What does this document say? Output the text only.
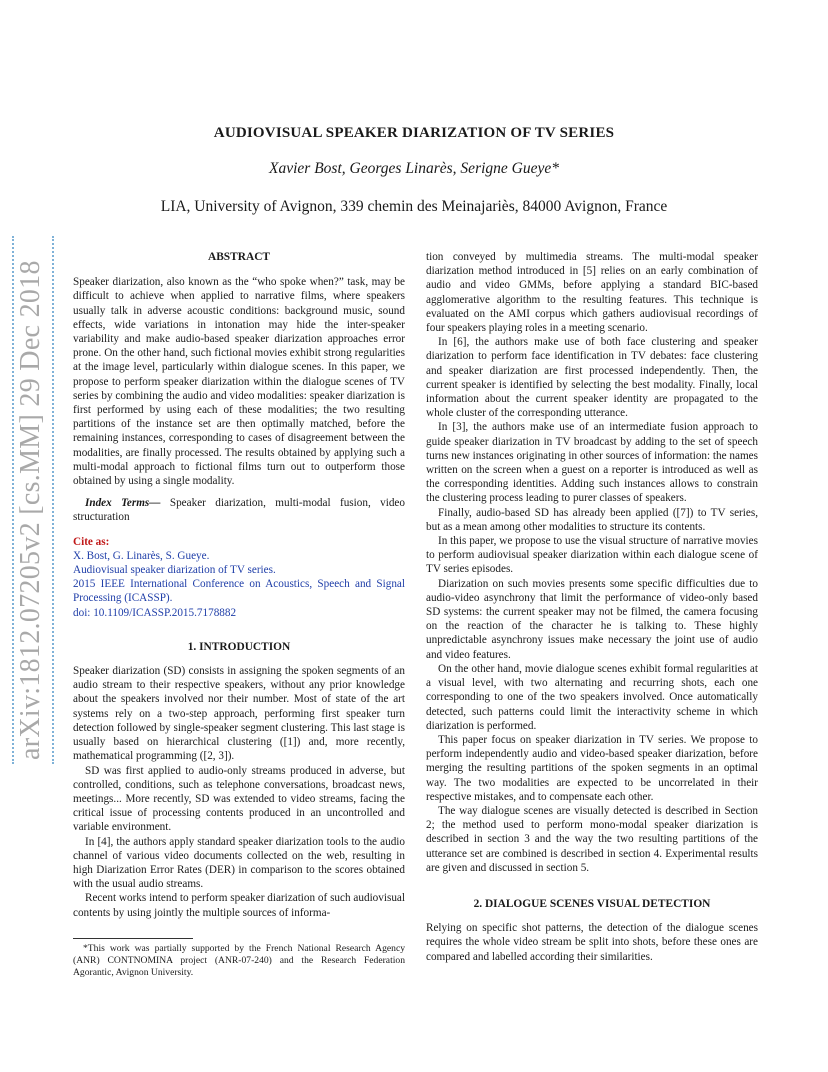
arXiv:1812.07205v2 [cs.MM] 29 Dec 2018
AUDIOVISUAL SPEAKER DIARIZATION OF TV SERIES
Xavier Bost, Georges Linarès, Serigne Gueye*
LIA, University of Avignon, 339 chemin des Meinajariès, 84000 Avignon, France
ABSTRACT

Speaker diarization, also known as the “who spoke when?” task, may be difficult to achieve when applied to narrative films, where speakers usually talk in adverse acoustic conditions: background music, sound effects, wide variations in intonation may hide the inter-speaker variability and make audio-based speaker diarization approaches error prone. On the other hand, such fictional movies exhibit strong regularities at the image level, particularly within dialogue scenes. In this paper, we propose to perform speaker diarization within the dialogue scenes of TV series by combining the audio and video modalities: speaker diarization is first performed by using each of these modalities; the two resulting partitions of the instance set are then optimally matched, before the remaining instances, corresponding to cases of disagreement between the modalities, are finally processed. The results obtained by applying such a multi-modal approach to fictional films turn out to outperform those obtained by using a single modality.

Index Terms— Speaker diarization, multi-modal fusion, video structuration

Cite as:
X. Bost, G. Linarès, S. Gueye.
Audiovisual speaker diarization of TV series.
2015 IEEE International Conference on Acoustics, Speech and Signal Processing (ICASSP).
doi: 10.1109/ICASSP.2015.7178882
1. INTRODUCTION

Speaker diarization (SD) consists in assigning the spoken segments of an audio stream to their respective speakers, without any prior knowledge about the speakers involved nor their number. Most of state of the art systems rely on a two-step approach, performing first speaker turn detection followed by single-speaker segment clustering. This last stage is usually based on hierarchical clustering ([1]) and, more recently, mathematical programming ([2, 3]).

SD was first applied to audio-only streams produced in adverse, but controlled, conditions, such as telephone conversations, broadcast news, meetings... More recently, SD was extended to video streams, facing the critical issue of processing contents produced in an uncontrolled and variable environment.

In [4], the authors apply standard speaker diarization tools to the audio channel of various video documents collected on the web, resulting in high Diarization Error Rates (DER) in comparison to the scores obtained with the usual audio streams.

Recent works intend to perform speaker diarization of such audiovisual contents by using jointly the multiple sources of informa-

*This work was partially supported by the French National Research Agency (ANR) CONTNOMINA project (ANR-07-240) and the Research Federation Agorantic, Avignon University.

tion conveyed by multimedia streams. The multi-modal speaker diarization method introduced in [5] relies on an early combination of audio and video GMMs, before applying a standard BIC-based agglomerative algorithm to the resulting features. This technique is evaluated on the AMI corpus which gathers audiovisual recordings of four speakers playing roles in a meeting scenario.

In [6], the authors make use of both face clustering and speaker diarization to perform face identification in TV debates: face clustering and speaker diarization are first processed independently. Then, the current speaker is identified by selecting the best modality. Finally, local information about the current speaker identity are propagated to the whole cluster of the corresponding utterance.

In [3], the authors make use of an intermediate fusion approach to guide speaker diarization in TV broadcast by adding to the set of speech turns new instances originating in other sources of information: the names written on the screen when a guest on a reporter is introduced as well as the corresponding identities. Adding such instances allows to constrain the clustering process leading to purer classes of speakers.

Finally, audio-based SD has already been applied ([7]) to TV series, but as a mean among other modalities to structure its contents.

In this paper, we propose to use the visual structure of narrative movies to perform audiovisual speaker diarization within each dialogue scene of TV series episodes.

Diarization on such movies presents some specific difficulties due to audio-video asynchrony that limit the performance of video-only based SD systems: the current speaker may not be filmed, the camera focusing on the reaction of the character he is talking to. These highly unpredictable asynchrony issues make necessary the joint use of audio and video features.

On the other hand, movie dialogue scenes exhibit formal regularities at a visual level, with two alternating and recurring shots, each one corresponding to one of the two speakers involved. Once automatically detected, such patterns could limit the interactivity scheme in which diarization is performed.

This paper focus on speaker diarization in TV series. We propose to perform independently audio and video-based speaker diarization, before merging the resulting partitions of the spoken segments in an optimal way. The two modalities are expected to be uncorrelated in their respective mistakes, and to compensate each other.

The way dialogue scenes are visually detected is described in Section 2; the method used to perform mono-modal speaker diarization is described in section 3 and the way the two resulting partitions of the utterance set are combined is described in section 4. Experimental results are given and discussed in section 5.

2. DIALOGUE SCENES VISUAL DETECTION

Relying on specific shot patterns, the detection of the dialogue scenes requires the whole video stream be split into shots, before these ones are compared and labelled according their similarities.
